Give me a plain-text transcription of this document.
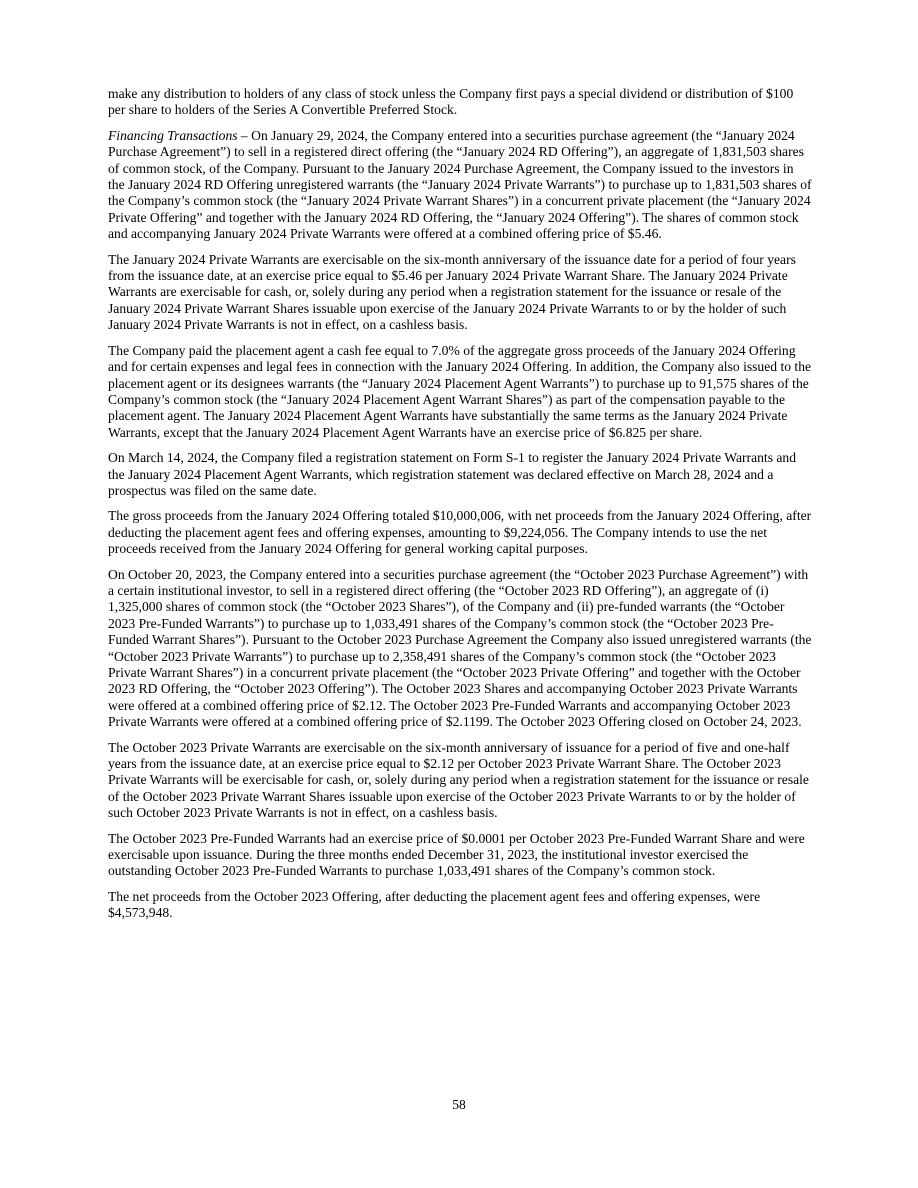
make any distribution to holders of any class of stock unless the Company first pays a special dividend or distribution of $100 per share to holders of the Series A Convertible Preferred Stock.

Financing Transactions – On January 29, 2024, the Company entered into a securities purchase agreement (the “January 2024 Purchase Agreement”) to sell in a registered direct offering (the “January 2024 RD Offering”), an aggregate of 1,831,503 shares of common stock, of the Company. Pursuant to the January 2024 Purchase Agreement, the Company issued to the investors in the January 2024 RD Offering unregistered warrants (the “January 2024 Private Warrants”) to purchase up to 1,831,503 shares of the Company’s common stock (the “January 2024 Private Warrant Shares”) in a concurrent private placement (the “January 2024 Private Offering” and together with the January 2024 RD Offering, the “January 2024 Offering”). The shares of common stock and accompanying January 2024 Private Warrants were offered at a combined offering price of $5.46.

The January 2024 Private Warrants are exercisable on the six-month anniversary of the issuance date for a period of four years from the issuance date, at an exercise price equal to $5.46 per January 2024 Private Warrant Share. The January 2024 Private Warrants are exercisable for cash, or, solely during any period when a registration statement for the issuance or resale of the January 2024 Private Warrant Shares issuable upon exercise of the January 2024 Private Warrants to or by the holder of such January 2024 Private Warrants is not in effect, on a cashless basis.

The Company paid the placement agent a cash fee equal to 7.0% of the aggregate gross proceeds of the January 2024 Offering and for certain expenses and legal fees in connection with the January 2024 Offering. In addition, the Company also issued to the placement agent or its designees warrants (the “January 2024 Placement Agent Warrants”) to purchase up to 91,575 shares of the Company’s common stock (the “January 2024 Placement Agent Warrant Shares”) as part of the compensation payable to the placement agent. The January 2024 Placement Agent Warrants have substantially the same terms as the January 2024 Private Warrants, except that the January 2024 Placement Agent Warrants have an exercise price of $6.825 per share.

On March 14, 2024, the Company filed a registration statement on Form S-1 to register the January 2024 Private Warrants and the January 2024 Placement Agent Warrants, which registration statement was declared effective on March 28, 2024 and a prospectus was filed on the same date.

The gross proceeds from the January 2024 Offering totaled $10,000,006, with net proceeds from the January 2024 Offering, after deducting the placement agent fees and offering expenses, amounting to $9,224,056. The Company intends to use the net proceeds received from the January 2024 Offering for general working capital purposes.

On October 20, 2023, the Company entered into a securities purchase agreement (the “October 2023 Purchase Agreement”) with a certain institutional investor, to sell in a registered direct offering (the “October 2023 RD Offering”), an aggregate of (i) 1,325,000 shares of common stock (the “October 2023 Shares”), of the Company and (ii) pre-funded warrants (the “October 2023 Pre-Funded Warrants”) to purchase up to 1,033,491 shares of the Company’s common stock (the “October 2023 Pre-Funded Warrant Shares”). Pursuant to the October 2023 Purchase Agreement the Company also issued unregistered warrants (the “October 2023 Private Warrants”) to purchase up to 2,358,491 shares of the Company’s common stock (the “October 2023 Private Warrant Shares”) in a concurrent private placement (the “October 2023 Private Offering” and together with the October 2023 RD Offering, the “October 2023 Offering”). The October 2023 Shares and accompanying October 2023 Private Warrants were offered at a combined offering price of $2.12. The October 2023 Pre-Funded Warrants and accompanying October 2023 Private Warrants were offered at a combined offering price of $2.1199. The October 2023 Offering closed on October 24, 2023.

The October 2023 Private Warrants are exercisable on the six-month anniversary of issuance for a period of five and one-half years from the issuance date, at an exercise price equal to $2.12 per October 2023 Private Warrant Share. The October 2023 Private Warrants will be exercisable for cash, or, solely during any period when a registration statement for the issuance or resale of the October 2023 Private Warrant Shares issuable upon exercise of the October 2023 Private Warrants to or by the holder of such October 2023 Private Warrants is not in effect, on a cashless basis.

The October 2023 Pre-Funded Warrants had an exercise price of $0.0001 per October 2023 Pre-Funded Warrant Share and were exercisable upon issuance. During the three months ended December 31, 2023, the institutional investor exercised the outstanding October 2023 Pre-Funded Warrants to purchase 1,033,491 shares of the Company’s common stock.

The net proceeds from the October 2023 Offering, after deducting the placement agent fees and offering expenses, were $4,573,948.

58
